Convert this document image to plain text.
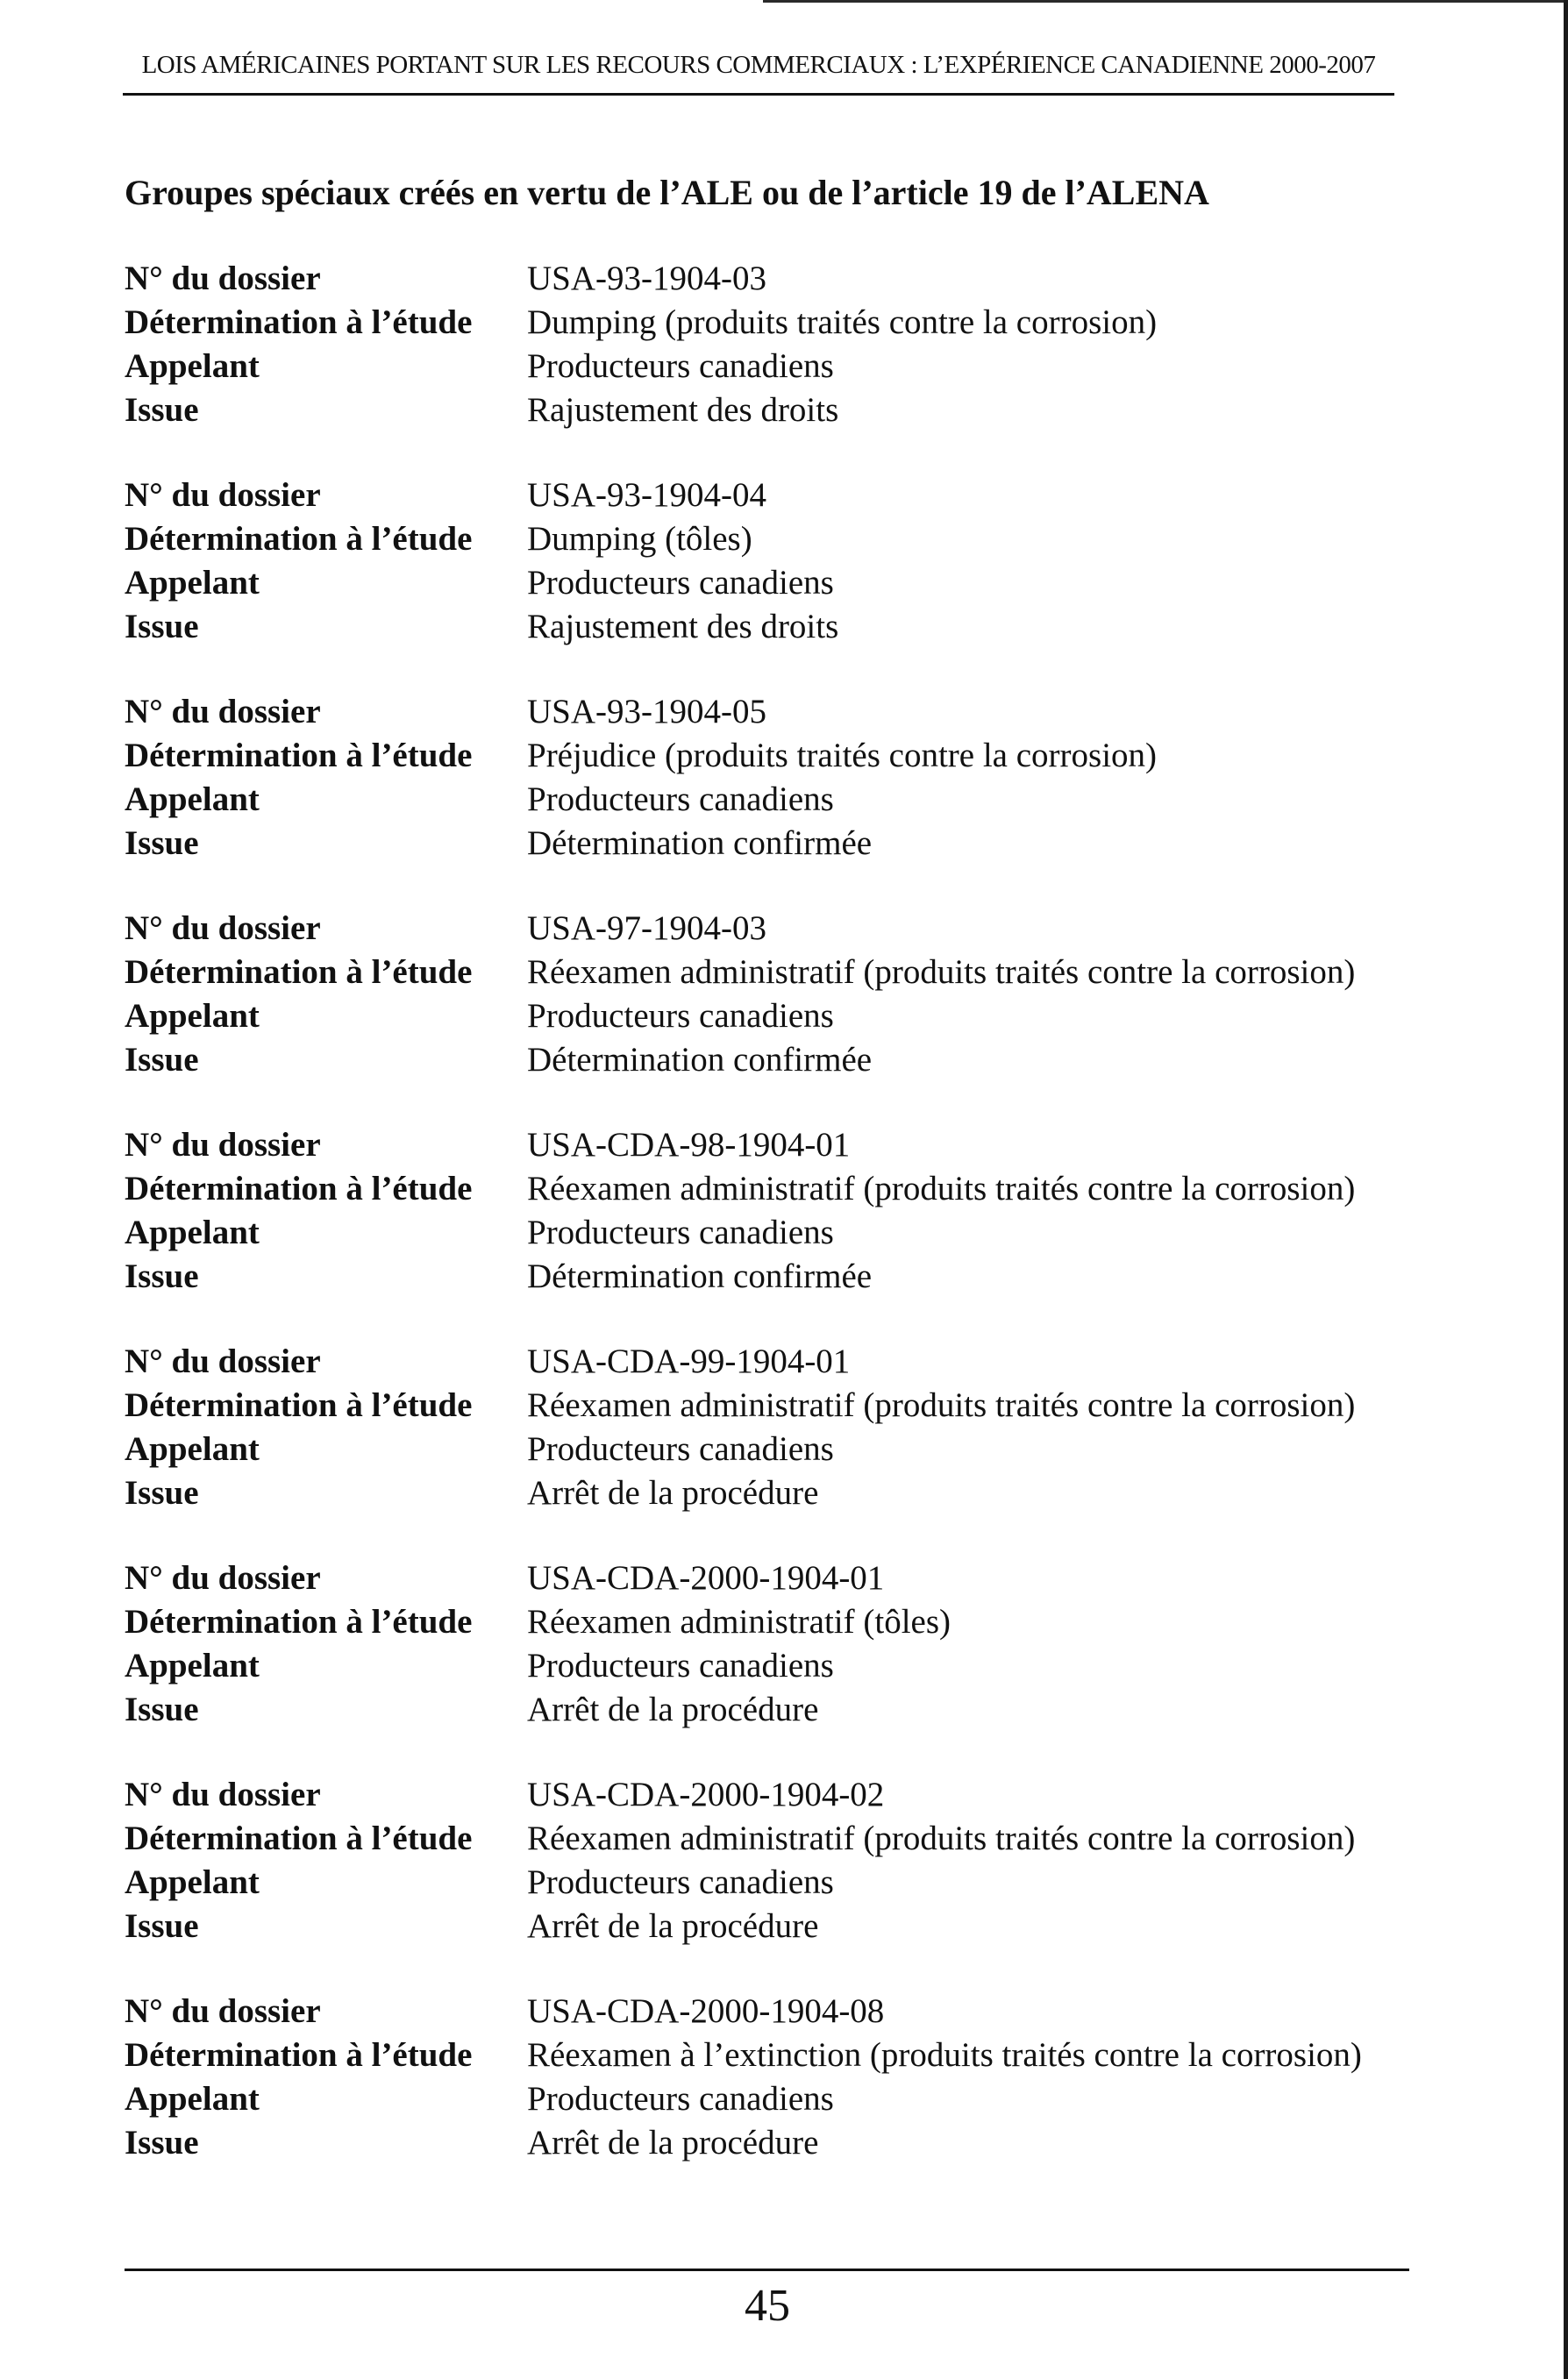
LOIS AMÉRICAINES PORTANT SUR LES RECOURS COMMERCIAUX : L’EXPÉRIENCE CANADIENNE 2000-2007
Groupes spéciaux créés en vertu de l’ALE ou de l’article 19 de l’ALENA
N° du dossier	USA-93-1904-03
Détermination à l’étude	Dumping (produits traités contre la corrosion)
Appelant	Producteurs canadiens
Issue	Rajustement des droits
N° du dossier	USA-93-1904-04
Détermination à l’étude	Dumping (tôles)
Appelant	Producteurs canadiens
Issue	Rajustement des droits
N° du dossier	USA-93-1904-05
Détermination à l’étude	Préjudice (produits traités contre la corrosion)
Appelant	Producteurs canadiens
Issue	Détermination confirmée
N° du dossier	USA-97-1904-03
Détermination à l’étude	Réexamen administratif (produits traités contre la corrosion)
Appelant	Producteurs canadiens
Issue	Détermination confirmée
N° du dossier	USA-CDA-98-1904-01
Détermination à l’étude	Réexamen administratif (produits traités contre la corrosion)
Appelant	Producteurs canadiens
Issue	Détermination confirmée
N° du dossier	USA-CDA-99-1904-01
Détermination à l’étude	Réexamen administratif (produits traités contre la corrosion)
Appelant	Producteurs canadiens
Issue	Arrêt de la procédure
N° du dossier	USA-CDA-2000-1904-01
Détermination à l’étude	Réexamen administratif (tôles)
Appelant	Producteurs canadiens
Issue	Arrêt de la procédure
N° du dossier	USA-CDA-2000-1904-02
Détermination à l’étude	Réexamen administratif (produits traités contre la corrosion)
Appelant	Producteurs canadiens
Issue	Arrêt de la procédure
N° du dossier	USA-CDA-2000-1904-08
Détermination à l’étude	Réexamen à l’extinction (produits traités contre la corrosion)
Appelant	Producteurs canadiens
Issue	Arrêt de la procédure
45
